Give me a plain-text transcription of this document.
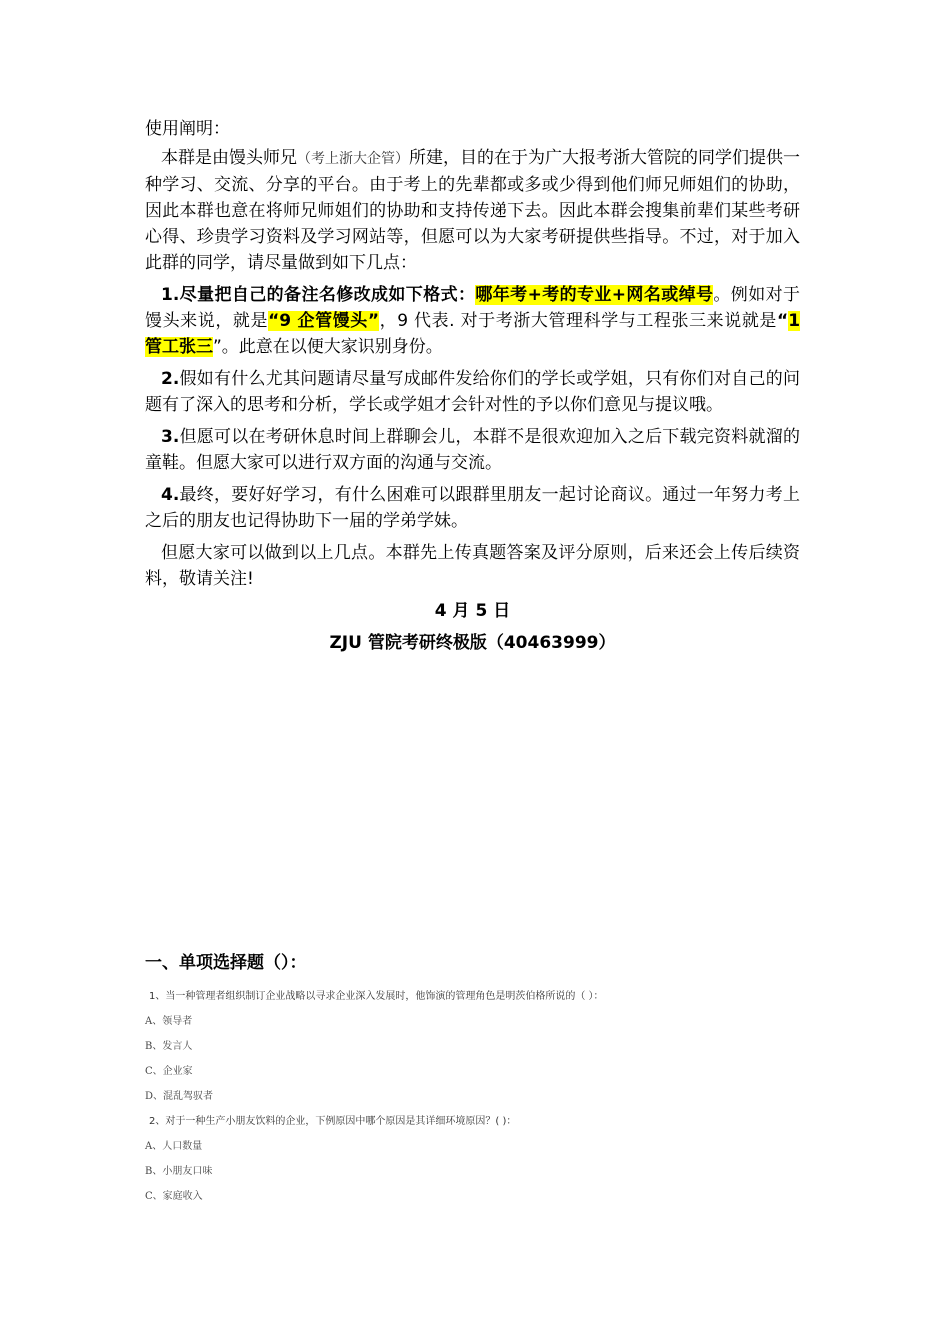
使用阐明：

本群是由馒头师兄（考上浙大企管）所建，目的在于为广大报考浙大管院的同学们提供一种学习、交流、分享的平台。由于考上的先辈都或多或少得到他们师兄师姐们的协助，因此本群也意在将师兄师姐们的协助和支持传递下去。因此本群会搜集前辈们某些考研心得、珍贵学习资料及学习网站等，但愿可以为大家考研提供些指导。不过，对于加入此群的同学，请尽量做到如下几点：

1.尽量把自己的备注名修改成如下格式：哪年考+考的专业+网名或绰号。例如对于馒头来说，就是“9 企管馒头”，9 代表. 对于考浙大管理科学与工程张三来说就是“1 管工张三”。此意在以便大家识别身份。

2.假如有什么尤其问题请尽量写成邮件发给你们的学长或学姐，只有你们对自己的问题有了深入的思考和分析，学长或学姐才会针对性的予以你们意见与提议哦。

3.但愿可以在考研休息时间上群聊会儿，本群不是很欢迎加入之后下载完资料就溜的童鞋。但愿大家可以进行双方面的沟通与交流。

4.最终，要好好学习，有什么困难可以跟群里朋友一起讨论商议。通过一年努力考上之后的朋友也记得协助下一届的学弟学妹。

但愿大家可以做到以上几点。本群先上传真题答案及评分原则，后来还会上传后续资料，敬请关注!

4 月 5 日

ZJU 管院考研终极版（40463999）

一、单项选择题（）：

1、当一种管理者组织制订企业战略以寻求企业深入发展时，他饰演的管理角色是明茨伯格所说的（ ）：

A、领导者

B、发言人

C、企业家

D、混乱驾驭者

2、对于一种生产小朋友饮料的企业，下例原因中哪个原因是其详细环境原因？( )：

A、人口数量

B、小朋友口味

C、家庭收入
